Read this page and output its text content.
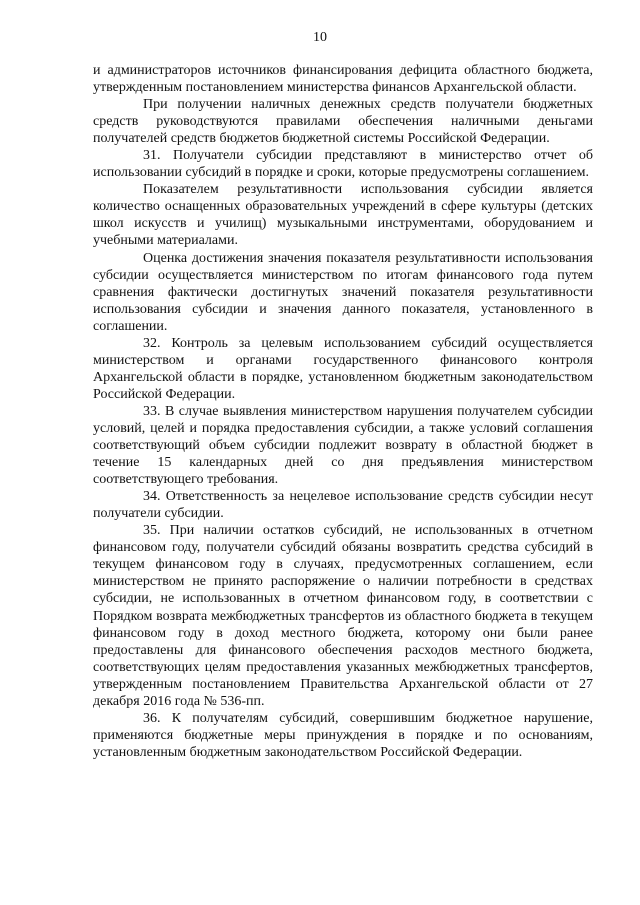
10

и администраторов источников финансирования дефицита областного бюджета, утвержденным постановлением министерства финансов Архангельской области.

При получении наличных денежных средств получатели бюджетных средств руководствуются правилами обеспечения наличными деньгами получателей средств бюджетов бюджетной системы Российской Федерации.

31. Получатели субсидии представляют в министерство отчет об использовании субсидий в порядке и сроки, которые предусмотрены соглашением.

Показателем результативности использования субсидии является количество оснащенных образовательных учреждений в сфере культуры (детских школ искусств и училищ) музыкальными инструментами, оборудованием и учебными материалами.

Оценка достижения значения показателя результативности использования субсидии осуществляется министерством по итогам финансового года путем сравнения фактически достигнутых значений показателя результативности использования субсидии и значения данного показателя, установленного в соглашении.

32. Контроль за целевым использованием субсидий осуществляется министерством и органами государственного финансового контроля Архангельской области в порядке, установленном бюджетным законодательством Российской Федерации.

33. В случае выявления министерством нарушения получателем субсидии условий, целей и порядка предоставления субсидии, а также условий соглашения соответствующий объем субсидии подлежит возврату в областной бюджет в течение 15 календарных дней со дня предъявления министерством соответствующего требования.

34. Ответственность за нецелевое использование средств субсидии несут получатели субсидии.

35. При наличии остатков субсидий, не использованных в отчетном финансовом году, получатели субсидий обязаны возвратить средства субсидий в текущем финансовом году в случаях, предусмотренных соглашением, если министерством не принято распоряжение о наличии потребности в средствах субсидии, не использованных в отчетном финансовом году, в соответствии с Порядком возврата межбюджетных трансфертов из областного бюджета в текущем финансовом году в доход местного бюджета, которому они были ранее предоставлены для финансового обеспечения расходов местного бюджета, соответствующих целям предоставления указанных межбюджетных трансфертов, утвержденным постановлением Правительства Архангельской области от 27 декабря 2016 года № 536-пп.

36. К получателям субсидий, совершившим бюджетное нарушение, применяются бюджетные меры принуждения в порядке и по основаниям, установленным бюджетным законодательством Российской Федерации.
